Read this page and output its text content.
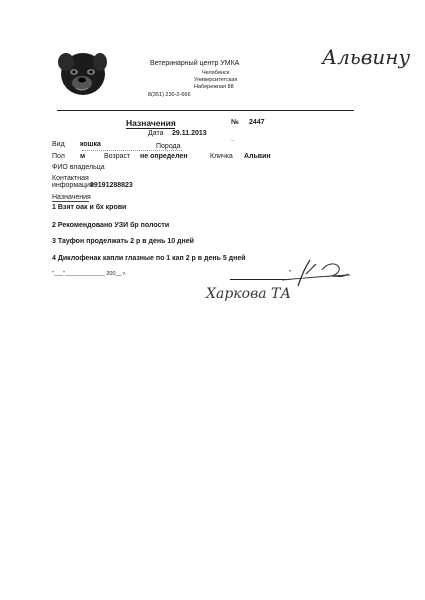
Ветеринарный центр УМКА
Челябинск
Университетская
Набережная 88
8(351) 230-2-666
Альвину
Назначения	№ 2447
Дата 29.11.2013
Вид кошка	Порода
–
Пол м	Возраст не определен	Кличка Альвин
ФИО владельца
Контактная
информация
89191288823
Назначения
1 Взят оак и бх крови
2 Рекомендовано УЗИ бр полости
3 Тауфон проделжать 2 р в день 10 дней
4 Диклофенак капли глазные по 1 кап 2 р в день 5 дней
"___"_____________ 200__ г.	"
Харкова ТА
